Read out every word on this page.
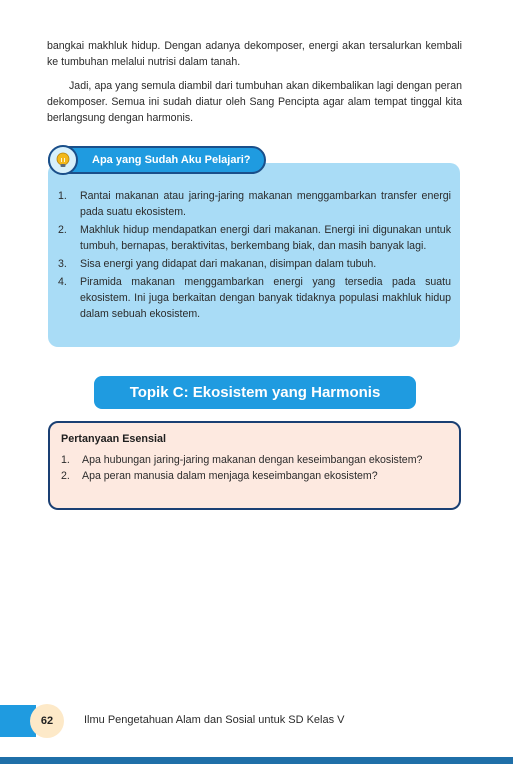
bangkai makhluk hidup. Dengan adanya dekomposer, energi akan tersalurkan kembali ke tumbuhan melalui nutrisi dalam tanah.

Jadi, apa yang semula diambil dari tumbuhan akan dikembalikan lagi dengan peran dekomposer. Semua ini sudah diatur oleh Sang Pencipta agar alam tempat tinggal kita berlangsung dengan harmonis.

1.	Rantai makanan atau jaring-jaring makanan menggambarkan transfer energi pada suatu ekosistem.
2.	Makhluk hidup mendapatkan energi dari makanan. Energi ini digunakan untuk tumbuh, bernapas, beraktivitas, berkembang biak, dan masih banyak lagi.
3.	Sisa energi yang didapat dari makanan, disimpan dalam tubuh.
4.	Piramida makanan menggambarkan energi yang tersedia pada suatu ekosistem. Ini juga berkaitan dengan banyak tidaknya populasi makhluk hidup dalam sebuah ekosistem.
Apa yang Sudah Aku Pelajari?
Topik C: Ekosistem yang Harmonis
Pertanyaan Esensial
1.	Apa hubungan jaring-jaring makanan dengan keseimbangan ekosistem?
2.	Apa peran manusia dalam menjaga keseimbangan ekosistem?
62	Ilmu Pengetahuan Alam dan Sosial untuk SD Kelas V
